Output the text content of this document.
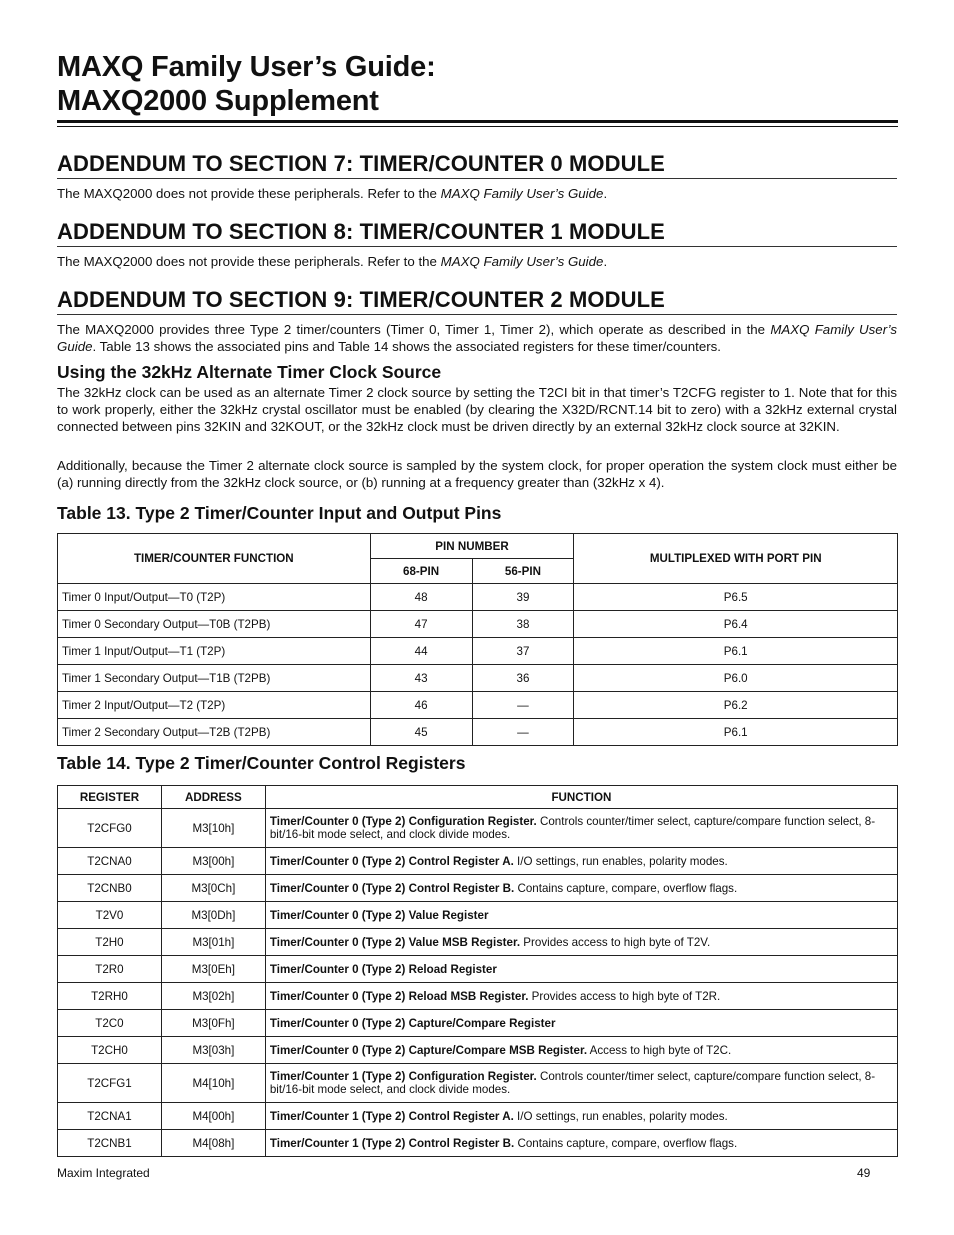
MAXQ Family User’s Guide:
MAXQ2000 Supplement
ADDENDUM TO SECTION 7: TIMER/COUNTER 0 MODULE

The MAXQ2000 does not provide these peripherals. Refer to the MAXQ Family User’s Guide.

ADDENDUM TO SECTION 8: TIMER/COUNTER 1 MODULE

The MAXQ2000 does not provide these peripherals. Refer to the MAXQ Family User’s Guide.

ADDENDUM TO SECTION 9: TIMER/COUNTER 2 MODULE

The MAXQ2000 provides three Type 2 timer/counters (Timer 0, Timer 1, Timer 2), which operate as described in the MAXQ Family User’s Guide. Table 13 shows the associated pins and Table 14 shows the associated registers for these timer/counters.

Using the 32kHz Alternate Timer Clock Source

The 32kHz clock can be used as an alternate Timer 2 clock source by setting the T2CI bit in that timer’s T2CFG register to 1. Note that for this to work properly, either the 32kHz crystal oscillator must be enabled (by clearing the X32D/RCNT.14 bit to zero) with a 32kHz external crystal connected between pins 32KIN and 32KOUT, or the 32kHz clock must be driven directly by an external 32kHz clock source at 32KIN.

Additionally, because the Timer 2 alternate clock source is sampled by the system clock, for proper operation the system clock must either be (a) running directly from the 32kHz clock source, or (b) running at a frequency greater than (32kHz x 4).

Table 13. Type 2 Timer/Counter Input and Output Pins
TIMER/COUNTER FUNCTION	PIN NUMBER		MULTIPLEXED WITH PORT PIN
	68-PIN	56-PIN	
Timer 0 Input/Output—T0 (T2P)	48	39	P6.5
Timer 0 Secondary Output—T0B (T2PB)	47	38	P6.4
Timer 1 Input/Output—T1 (T2P)	44	37	P6.1
Timer 1 Secondary Output—T1B (T2PB)	43	36	P6.0
Timer 2 Input/Output—T2 (T2P)	46	—	P6.2
Timer 2 Secondary Output—T2B (T2PB)	45	—	P6.1
Table 14. Type 2 Timer/Counter Control Registers
REGISTER	ADDRESS	FUNCTION
T2CFG0	M3[10h]	Timer/Counter 0 (Type 2) Configuration Register. Controls counter/timer select, capture/compare function select, 8-bit/16-bit mode select, and clock divide modes.
T2CNA0	M3[00h]	Timer/Counter 0 (Type 2) Control Register A. I/O settings, run enables, polarity modes.
T2CNB0	M3[0Ch]	Timer/Counter 0 (Type 2) Control Register B. Contains capture, compare, overflow flags.
T2V0	M3[0Dh]	Timer/Counter 0 (Type 2) Value Register
T2H0	M3[01h]	Timer/Counter 0 (Type 2) Value MSB Register. Provides access to high byte of T2V.
T2R0	M3[0Eh]	Timer/Counter 0 (Type 2) Reload Register
T2RH0	M3[02h]	Timer/Counter 0 (Type 2) Reload MSB Register. Provides access to high byte of T2R.
T2C0	M3[0Fh]	Timer/Counter 0 (Type 2) Capture/Compare Register
T2CH0	M3[03h]	Timer/Counter 0 (Type 2) Capture/Compare MSB Register. Access to high byte of T2C.
T2CFG1	M4[10h]	Timer/Counter 1 (Type 2) Configuration Register. Controls counter/timer select, capture/compare function select, 8-bit/16-bit mode select, and clock divide modes.
T2CNA1	M4[00h]	Timer/Counter 1 (Type 2) Control Register A. I/O settings, run enables, polarity modes.
T2CNB1	M4[08h]	Timer/Counter 1 (Type 2) Control Register B. Contains capture, compare, overflow flags.

Maxim Integrated	49
